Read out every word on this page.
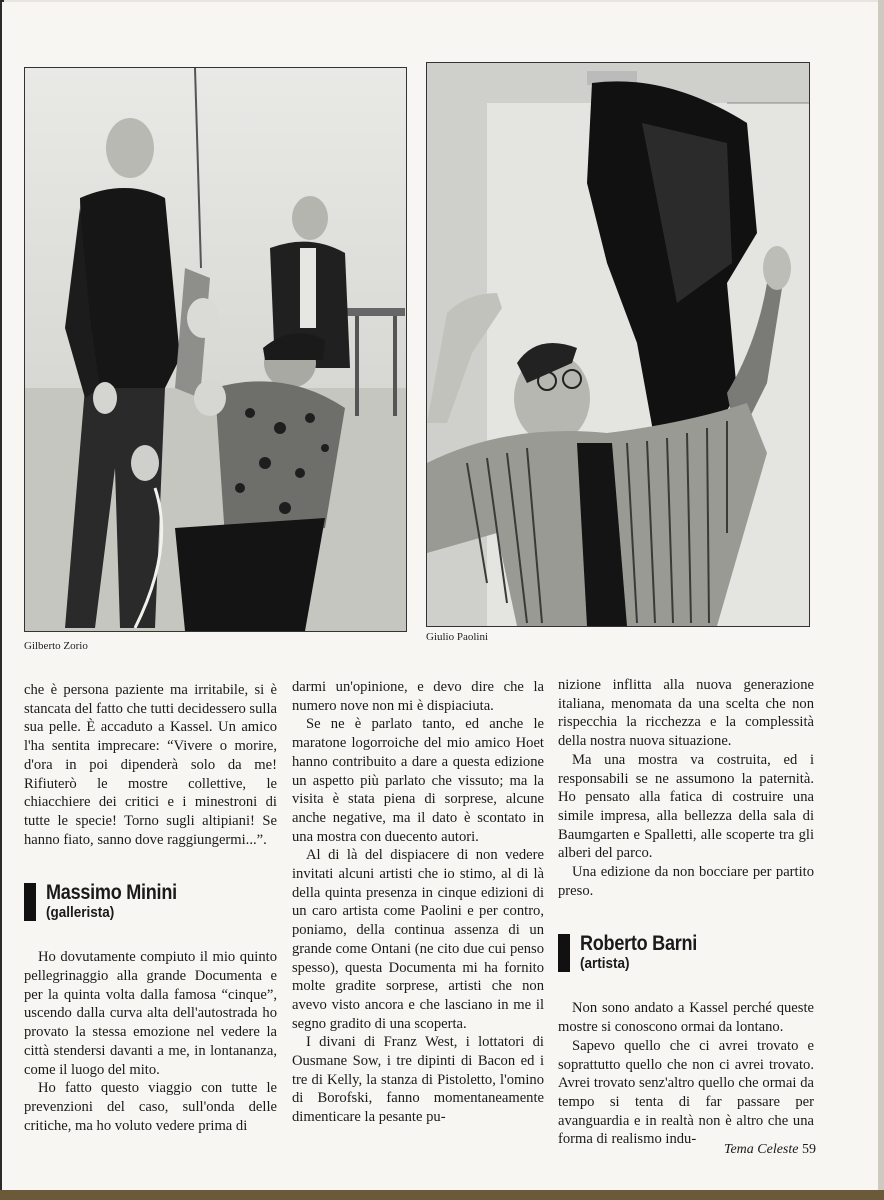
Gilberto Zorio
Giulio Paolini

che è persona paziente ma irritabile, si è stancata del fatto che tutti decidessero sulla sua pelle. È accaduto a Kassel. Un amico l'ha sentita imprecare: “Vivere o morire, d'ora in poi dipenderà solo da me! Rifiuterò le mostre collettive, le chiacchiere dei critici e i minestroni di tutte le specie! Torno sugli altipiani! Se hanno fiato, sanno dove raggiungermi...”.

Massimo Minini
(gallerista)

Ho dovutamente compiuto il mio quinto pellegrinaggio alla grande Documenta e per la quinta volta dalla famosa “cinque”, uscendo dalla curva alta dell'autostrada ho provato la stessa emozione nel vedere la città stendersi davanti a me, in lontananza, come il luogo del mito.

Ho fatto questo viaggio con tutte le prevenzioni del caso, sull'onda delle critiche, ma ho voluto vedere prima di

darmi un'opinione, e devo dire che la numero nove non mi è dispiaciuta.

Se ne è parlato tanto, ed anche le maratone logorroiche del mio amico Hoet hanno contribuito a dare a questa edizione un aspetto più parlato che vissuto; ma la visita è stata piena di sorprese, alcune anche negative, ma il dato è scontato in una mostra con duecento autori.

Al di là del dispiacere di non vedere invitati alcuni artisti che io stimo, al di là della quinta presenza in cinque edizioni di un caro artista come Paolini e per contro, poniamo, della continua assenza di un grande come Ontani (ne cito due cui penso spesso), questa Documenta mi ha fornito molte gradite sorprese, artisti che non avevo visto ancora e che lasciano in me il segno gradito di una scoperta.

I divani di Franz West, i lottatori di Ousmane Sow, i tre dipinti di Bacon ed i tre di Kelly, la stanza di Pistoletto, l'omino di Borofski, fanno momentaneamente dimenticare la pesante pu-

nizione inflitta alla nuova generazione italiana, menomata da una scelta che non rispecchia la ricchezza e la complessità della nostra nuova situazione.

Ma una mostra va costruita, ed i responsabili se ne assumono la paternità. Ho pensato alla fatica di costruire una simile impresa, alla bellezza della sala di Baumgarten e Spalletti, alle scoperte tra gli alberi del parco.

Una edizione da non bocciare per partito preso.

Roberto Barni
(artista)

Non sono andato a Kassel perché queste mostre si conoscono ormai da lontano.

Sapevo quello che ci avrei trovato e soprattutto quello che non ci avrei trovato. Avrei trovato senz'altro quello che ormai da tempo si tenta di far passare per avanguardia e in realtà non è altro che una forma di realismo indu-

Tema Celeste 59
